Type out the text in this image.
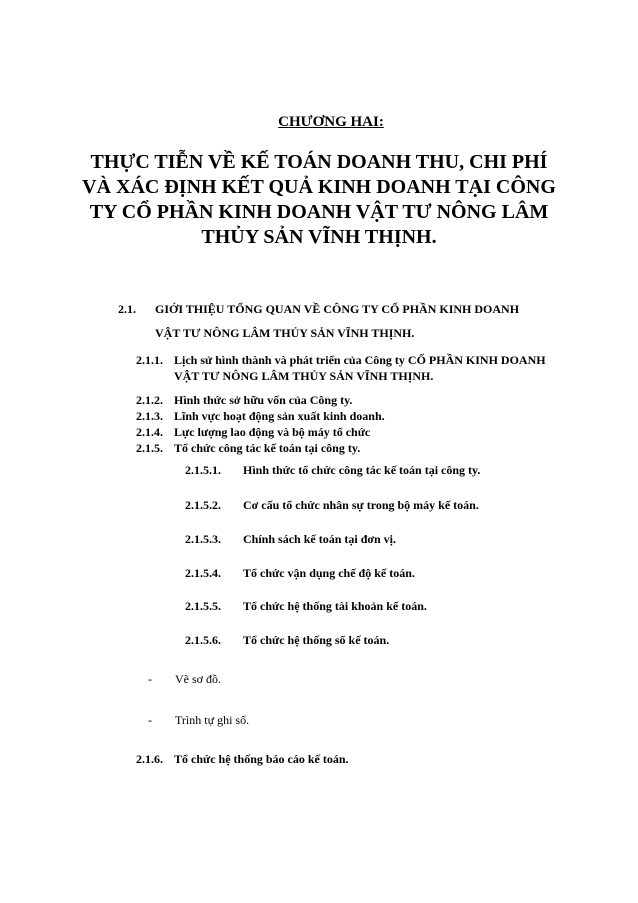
CHƯƠNG HAI:
THỰC TIỄN VỀ KẾ TOÁN DOANH THU, CHI PHÍ
VÀ XÁC ĐỊNH KẾT QUẢ KINH DOANH TẠI CÔNG
TY CỔ PHẦN KINH DOANH VẬT TƯ NÔNG LÂM
THỦY SẢN VĨNH THỊNH.
2.1. GIỚI THIỆU TỔNG QUAN VỀ CÔNG TY CỔ PHẦN KINH DOANH
VẬT TƯ NÔNG LÂM THỦY SẢN VĨNH THỊNH.
2.1.1. Lịch sử hình thành và phát triển của Công ty CỔ PHẦN KINH DOANH
VẬT TƯ NÔNG LÂM THỦY SẢN VĨNH THỊNH.
2.1.2. Hình thức sở hữu vốn của Công ty.
2.1.3. Lĩnh vực hoạt động sản xuất kinh doanh.
2.1.4. Lực lượng lao động và bộ máy tổ chức
2.1.5. Tổ chức công tác kế toán tại công ty.
2.1.5.1. Hình thức tổ chức công tác kế toán tại công ty.
2.1.5.2. Cơ cấu tổ chức nhân sự trong bộ máy kế toán.
2.1.5.3. Chính sách kế toán tại đơn vị.
2.1.5.4. Tổ chức vận dụng chế độ kế toán.
2.1.5.5. Tổ chức hệ thống tài khoản kế toán.
2.1.5.6. Tổ chức hệ thống sổ kế toán.
- Vẽ sơ đồ.
- Trình tự ghi sổ.
2.1.6. Tổ chức hệ thống báo cáo kế toán.
